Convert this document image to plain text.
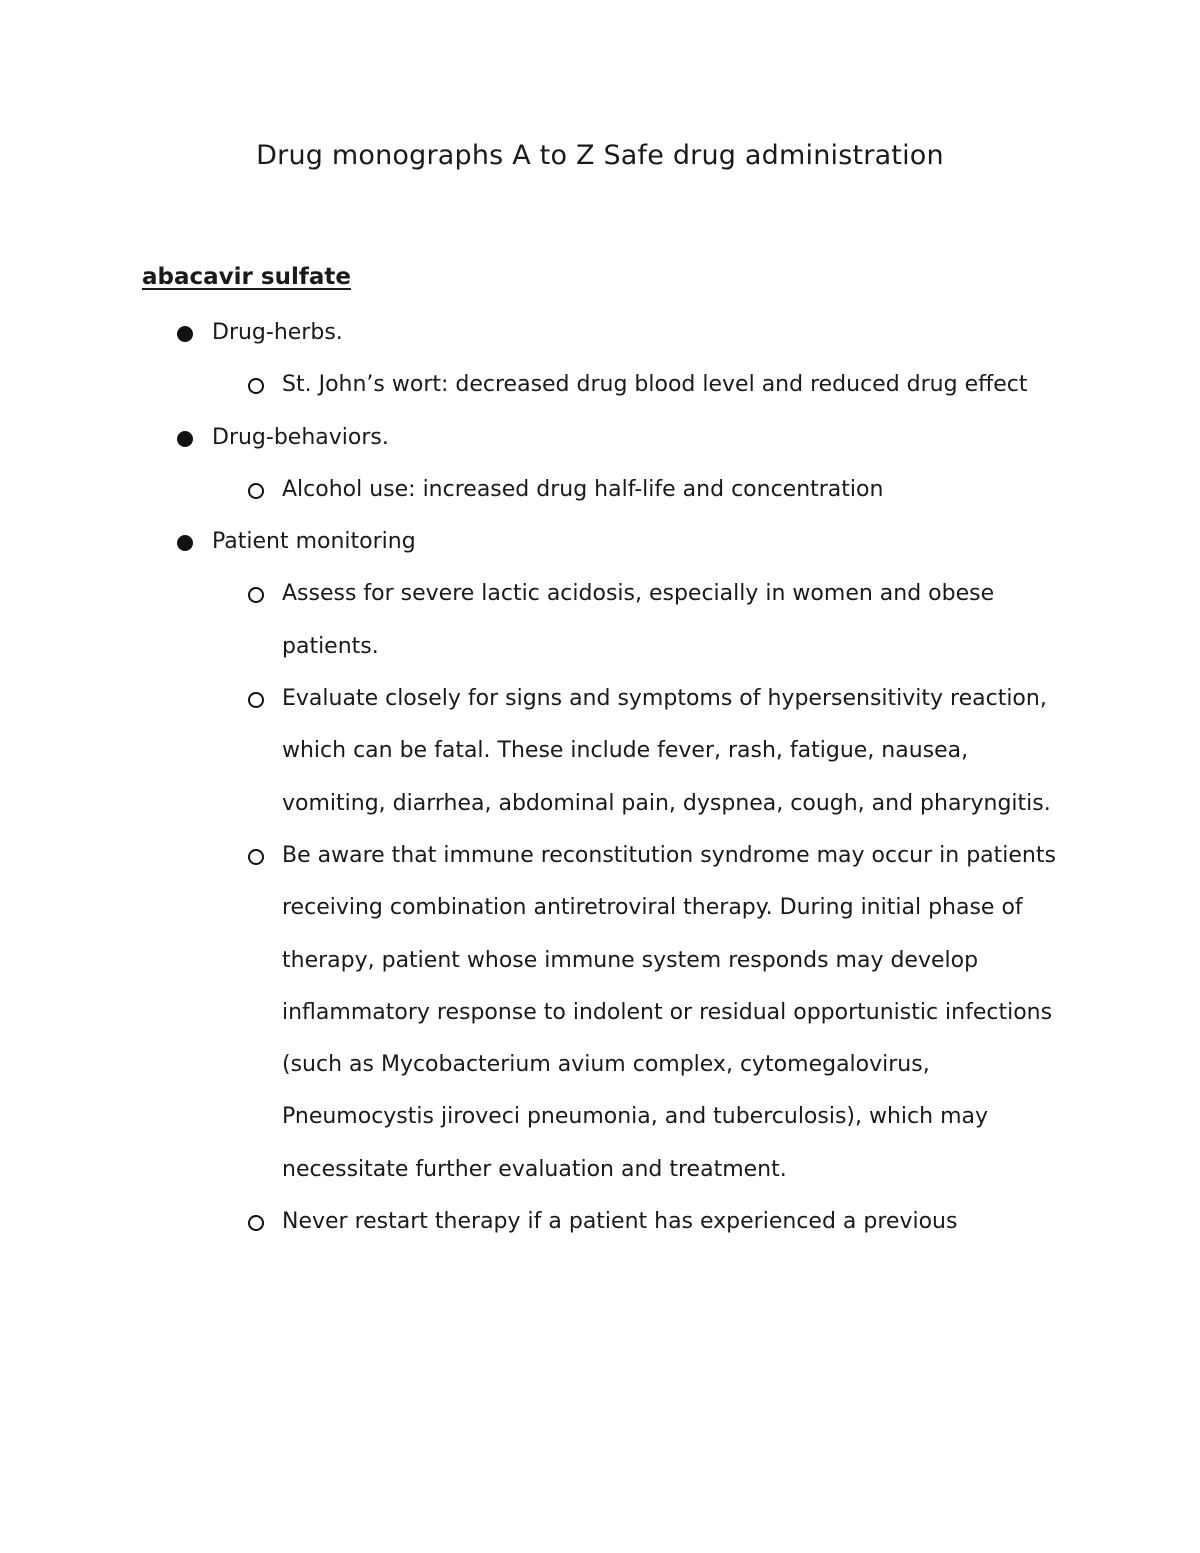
Drug monographs A to Z Safe drug administration
abacavir sulfate
Drug-herbs.
St. John’s wort: decreased drug blood level and reduced drug effect
Drug-behaviors.
Alcohol use: increased drug half-life and concentration
Patient monitoring
Assess for severe lactic acidosis, especially in women and obese patients.
Evaluate closely for signs and symptoms of hypersensitivity reaction, which can be fatal. These include fever, rash, fatigue, nausea, vomiting, diarrhea, abdominal pain, dyspnea, cough, and pharyngitis.
Be aware that immune reconstitution syndrome may occur in patients receiving combination antiretroviral therapy. During initial phase of therapy, patient whose immune system responds may develop inflammatory response to indolent or residual opportunistic infections (such as Mycobacterium avium complex, cytomegalovirus, Pneumocystis jiroveci pneumonia, and tuberculosis), which may necessitate further evaluation and treatment.
Never restart therapy if a patient has experienced a previous
